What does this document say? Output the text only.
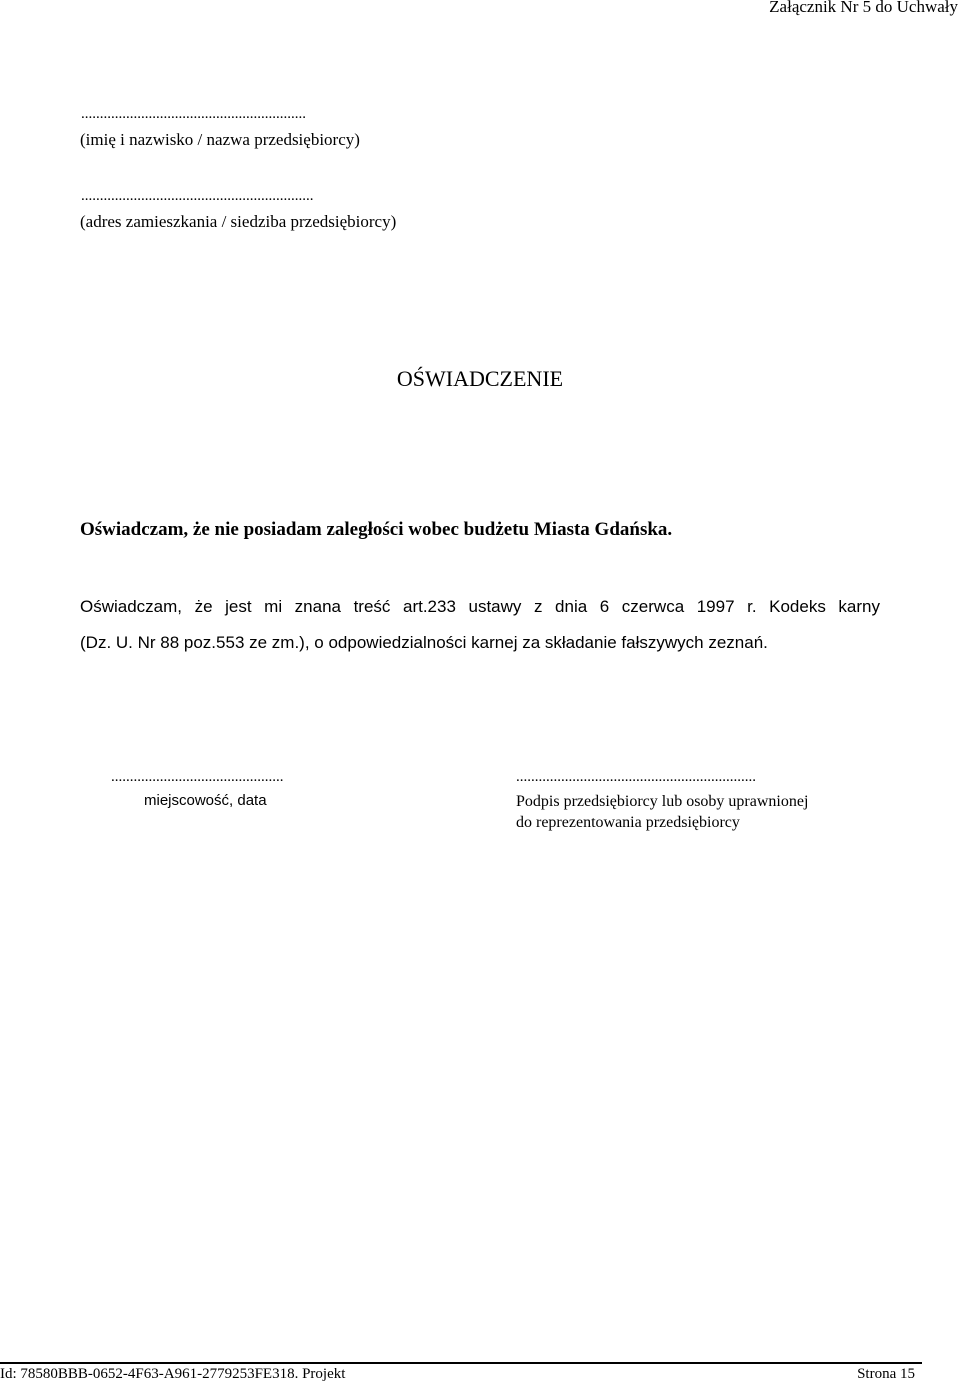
Załącznik Nr 5 do Uchwały
............................................................
(imię i nazwisko / nazwa przedsiębiorcy)
..............................................................
(adres zamieszkania / siedziba przedsiębiorcy)
OŚWIADCZENIE
Oświadczam, że nie posiadam zaległości wobec budżetu Miasta Gdańska.
Oświadczam, że jest mi znana treść art.233 ustawy z dnia 6 czerwca 1997 r. Kodeks karny
(Dz. U. Nr 88 poz.553 ze zm.), o odpowiedzialności karnej za składanie fałszywych zeznań.
..............................................
miejscowość, data
................................................................
Podpis przedsiębiorcy lub osoby uprawnionej
do reprezentowania przedsiębiorcy
Id: 78580BBB-0652-4F63-A961-2779253FE318. Projekt	Strona 15
